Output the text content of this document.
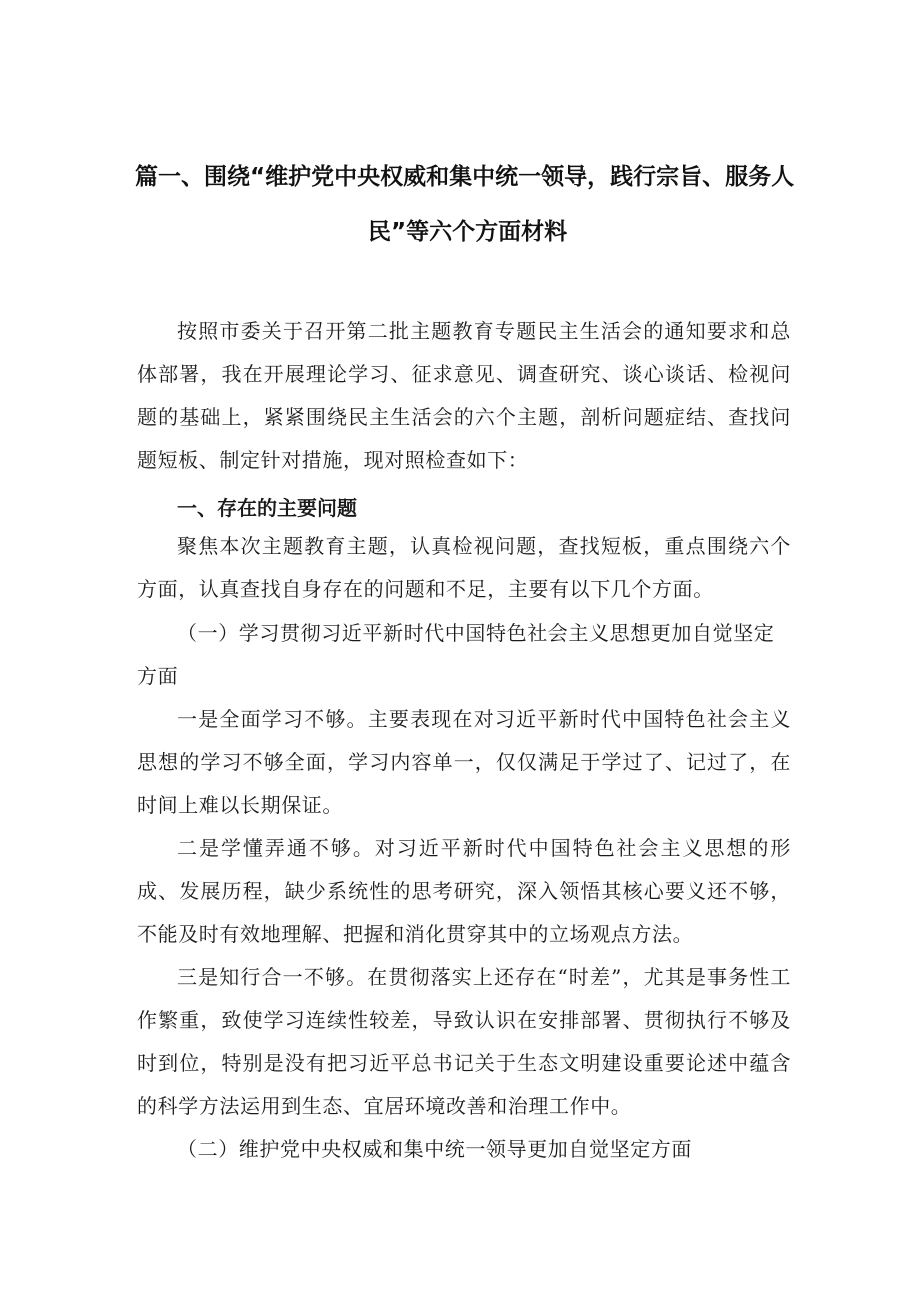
篇一、围绕“维护党中央权威和集中统一领导，践行宗旨、服务人
民”等六个方面材料
按照市委关于召开第二批主题教育专题民主生活会的通知要求和总体部署，我在开展理论学习、征求意见、调查研究、谈心谈话、检视问题的基础上，紧紧围绕民主生活会的六个主题，剖析问题症结、查找问题短板、制定针对措施，现对照检查如下：
一、存在的主要问题
聚焦本次主题教育主题，认真检视问题，查找短板，重点围绕六个方面，认真查找自身存在的问题和不足，主要有以下几个方面。
（一）学习贯彻习近平新时代中国特色社会主义思想更加自觉坚定方面
一是全面学习不够。主要表现在对习近平新时代中国特色社会主义思想的学习不够全面，学习内容单一，仅仅满足于学过了、记过了，在时间上难以长期保证。
二是学懂弄通不够。对习近平新时代中国特色社会主义思想的形成、发展历程，缺少系统性的思考研究，深入领悟其核心要义还不够，不能及时有效地理解、把握和消化贯穿其中的立场观点方法。
三是知行合一不够。在贯彻落实上还存在“时差”，尤其是事务性工作繁重，致使学习连续性较差，导致认识在安排部署、贯彻执行不够及时到位，特别是没有把习近平总书记关于生态文明建设重要论述中蕴含的科学方法运用到生态、宜居环境改善和治理工作中。
（二）维护党中央权威和集中统一领导更加自觉坚定方面
